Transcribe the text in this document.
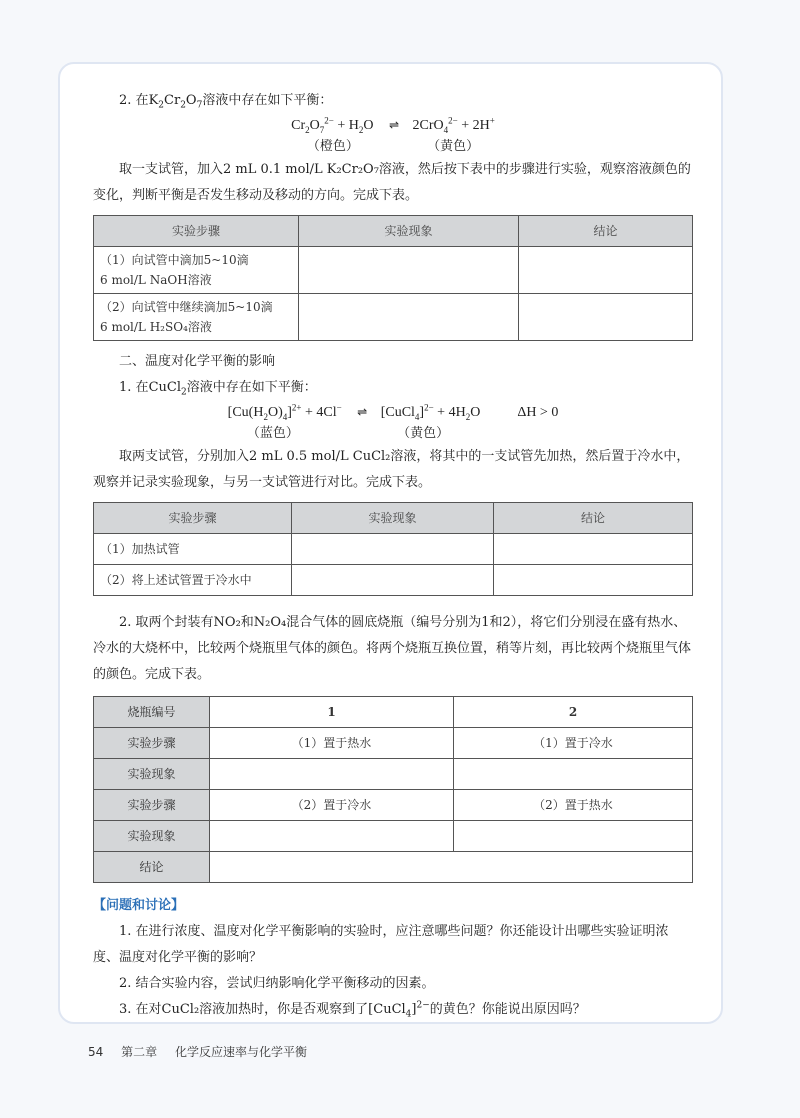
2. 在$K_2Cr_2O_7$溶液中存在如下平衡：

$Cr_2O_7^{2-} + H_2O$ ⇌ 2CrO$_4^{2-}$ + 2H+
（橙色）	（黄色）

取一支试管，加入2 mL 0.1 mol/L K₂Cr₂O₇溶液，然后按下表中的步骤进行实验，观察溶液颜色的变化，判断平衡是否发生移动及移动的方向。完成下表。

实验步骤	实验现象	结论

（1）向试管中滴加5~10滴
6 mol/L NaOH溶液		

（2）向试管中继续滴加5~10滴
6 mol/L H₂SO₄溶液		

二、温度对化学平衡的影响

1. 在CuCl$_2$溶液中存在如下平衡：

$[Cu(H_2O)_4]^{2+} + 4Cl^-$ ⇌ [CuCl$_4$]$^{2-}$ + $4H_2O$  ΔH > 0
（蓝色）	（黄色）

取两支试管，分别加入2 mL 0.5 mol/L CuCl₂溶液，将其中的一支试管先加热，然后置于冷水中，观察并记录实验现象，与另一支试管进行对比。完成下表。

实验步骤	实验现象	结论
（1）加热试管		
（2）将上述试管置于冷水中		

2. 取两个封装有NO₂和N₂O₄混合气体的圆底烧瓶（编号分别为1和2），将它们分别浸在盛有热水、冷水的大烧杯中，比较两个烧瓶里气体的颜色。将两个烧瓶互换位置，稍等片刻，再比较两个烧瓶里气体的颜色。完成下表。

烧瓶编号	1	2
实验步骤	（1）置于热水	（1）置于冷水
实验现象		
实验步骤	（2）置于冷水	（2）置于热水
实验现象		
结论		

【问题和讨论】

1. 在进行浓度、温度对化学平衡影响的实验时，应注意哪些问题？你还能设计出哪些实验证明浓度、温度对化学平衡的影响？

2. 结合实验内容，尝试归纳影响化学平衡移动的因素。

3. 在对CuCl₂溶液加热时，你是否观察到了[CuCl$_4$]$^{2-}$的黄色？你能说出原因吗？

54 第二章 化学反应速率与化学平衡
